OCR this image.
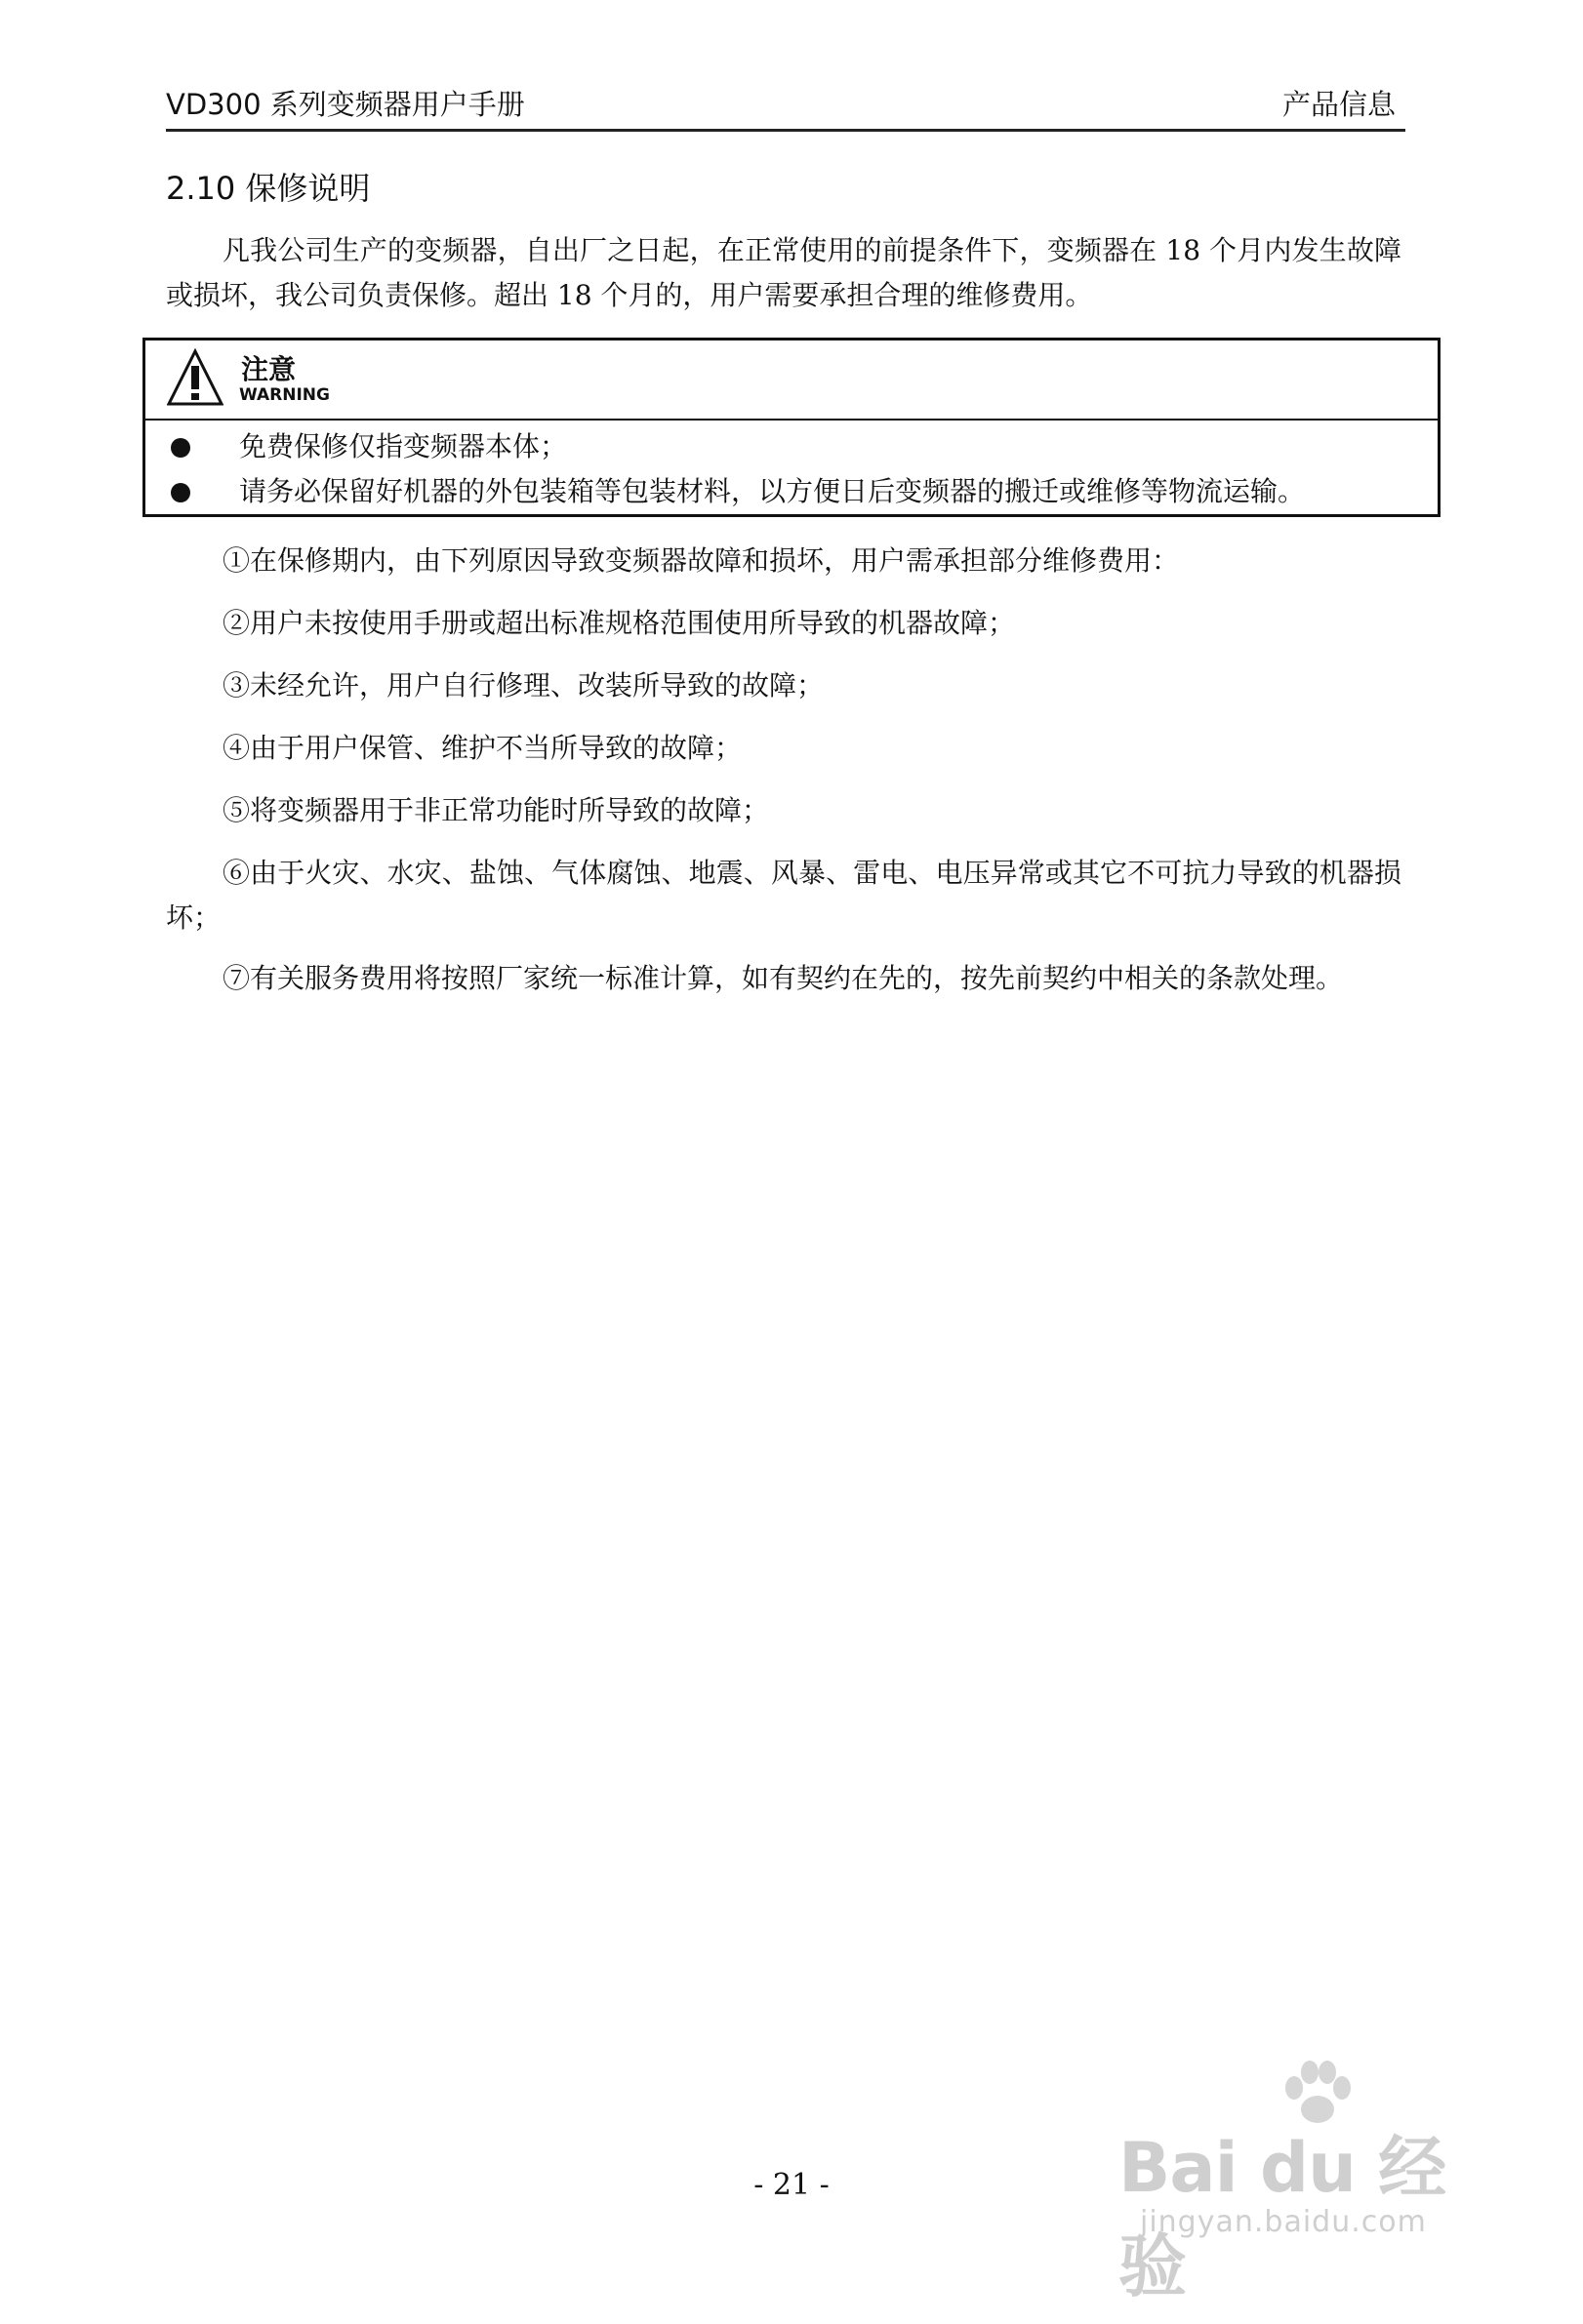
VD300 系列变频器用户手册	产品信息
2.10 保修说明
凡我公司生产的变频器，自出厂之日起，在正常使用的前提条件下，变频器在 18 个月内发生故障或损坏，我公司负责保修。超出 18 个月的，用户需要承担合理的维修费用。
注意
WARNING
免费保修仅指变频器本体；
请务必保留好机器的外包装箱等包装材料，以方便日后变频器的搬迁或维修等物流运输。
①在保修期内，由下列原因导致变频器故障和损坏，用户需承担部分维修费用：
②用户未按使用手册或超出标准规格范围使用所导致的机器故障；
③未经允许，用户自行修理、改装所导致的故障；
④由于用户保管、维护不当所导致的故障；
⑤将变频器用于非正常功能时所导致的故障；
⑥由于火灾、水灾、盐蚀、气体腐蚀、地震、风暴、雷电、电压异常或其它不可抗力导致的机器损坏；
⑦有关服务费用将按照厂家统一标准计算，如有契约在先的，按先前契约中相关的条款处理。
- 21 -	Bai du 经验
jingyan.baidu.com
